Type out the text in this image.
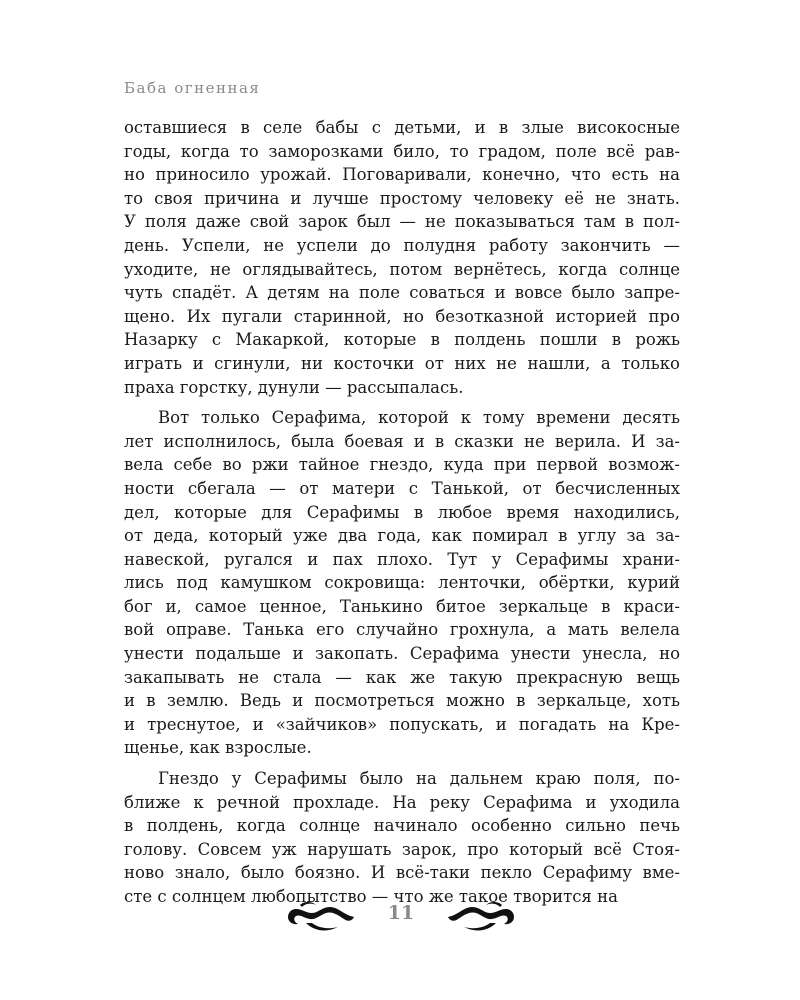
Баба огненная
оставшиеся в селе бабы с детьми, и в злые високосные
годы, когда то заморозками било, то градом, поле всё рав-
но приносило урожай. Поговаривали, конечно, что есть на
то своя причина и лучше простому человеку её не знать.
У поля даже свой зарок был — не показываться там в пол-
день. Успели, не успели до полудня работу закончить —
уходите, не оглядывайтесь, потом вернётесь, когда солнце
чуть спадёт. А детям на поле соваться и вовсе было запре-
щено. Их пугали старинной, но безотказной историей про
Назарку с Макаркой, которые в полдень пошли в рожь
играть и сгинули, ни косточки от них не нашли, а только
праха горстку, дунули — рассыпалась.
Вот только Серафима, которой к тому времени десять
лет исполнилось, была боевая и в сказки не верила. И за-
вела себе во ржи тайное гнездо, куда при первой возмож-
ности сбегала — от матери с Танькой, от бесчисленных
дел, которые для Серафимы в любое время находились,
от деда, который уже два года, как помирал в углу за за-
навеской, ругался и пах плохо. Тут у Серафимы храни-
лись под камушком сокровища: ленточки, обёртки, курий
бог и, самое ценное, Танькино битое зеркальце в краси-
вой оправе. Танька его случайно грохнула, а мать велела
унести подальше и закопать. Серафима унести унесла, но
закапывать не стала — как же такую прекрасную вещь
и в землю. Ведь и посмотреться можно в зеркальце, хоть
и треснутое, и «зайчиков» попускать, и погадать на Кре-
щенье, как взрослые.
Гнездо у Серафимы было на дальнем краю поля, по-
ближе к речной прохладе. На реку Серафима и уходила
в полдень, когда солнце начинало особенно сильно печь
голову. Совсем уж нарушать зарок, про который всё Стоя-
ново знало, было боязно. И всё-таки пекло Серафиму вме-
сте с солнцем любопытство — что же такое творится на
11
